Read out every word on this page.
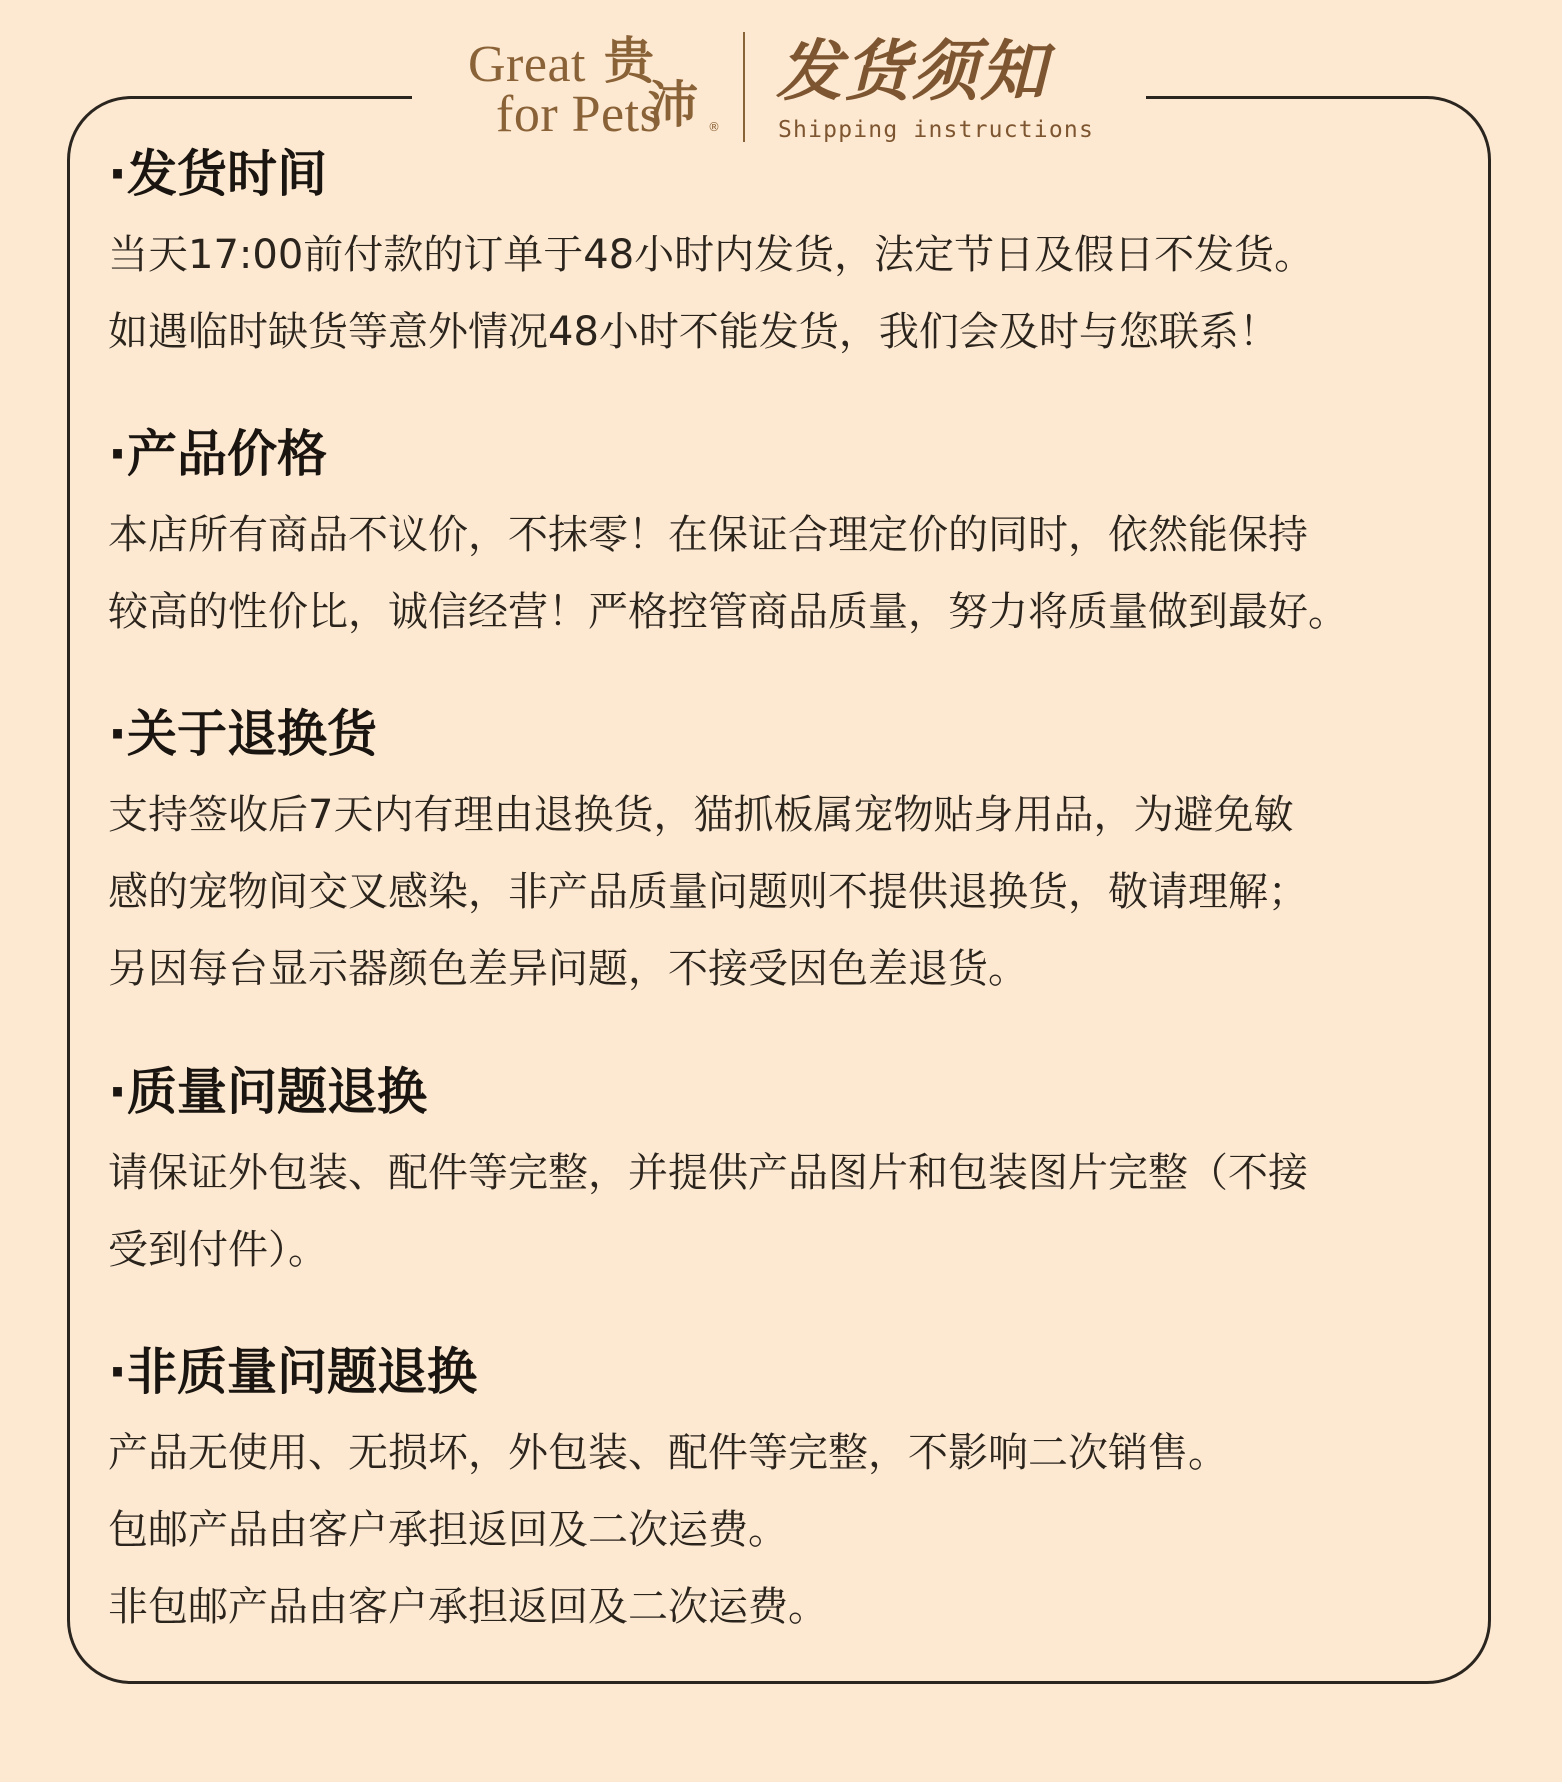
Great
for Pets
贵
沛 ®
发货须知
Shipping instructions
·发货时间
当天17:00前付款的订单于48小时内发货，法定节日及假日不发货。
如遇临时缺货等意外情况48小时不能发货，我们会及时与您联系！
·产品价格
本店所有商品不议价，不抹零！在保证合理定价的同时，依然能保持
较高的性价比，诚信经营！严格控管商品质量，努力将质量做到最好。
·关于退换货
支持签收后7天内有理由退换货，猫抓板属宠物贴身用品，为避免敏
感的宠物间交叉感染，非产品质量问题则不提供退换货，敬请理解；
另因每台显示器颜色差异问题，不接受因色差退货。
·质量问题退换
请保证外包装、配件等完整，并提供产品图片和包装图片完整（不接
受到付件）。
·非质量问题退换
产品无使用、无损坏，外包装、配件等完整，不影响二次销售。
包邮产品由客户承担返回及二次运费。
非包邮产品由客户承担返回及二次运费。
